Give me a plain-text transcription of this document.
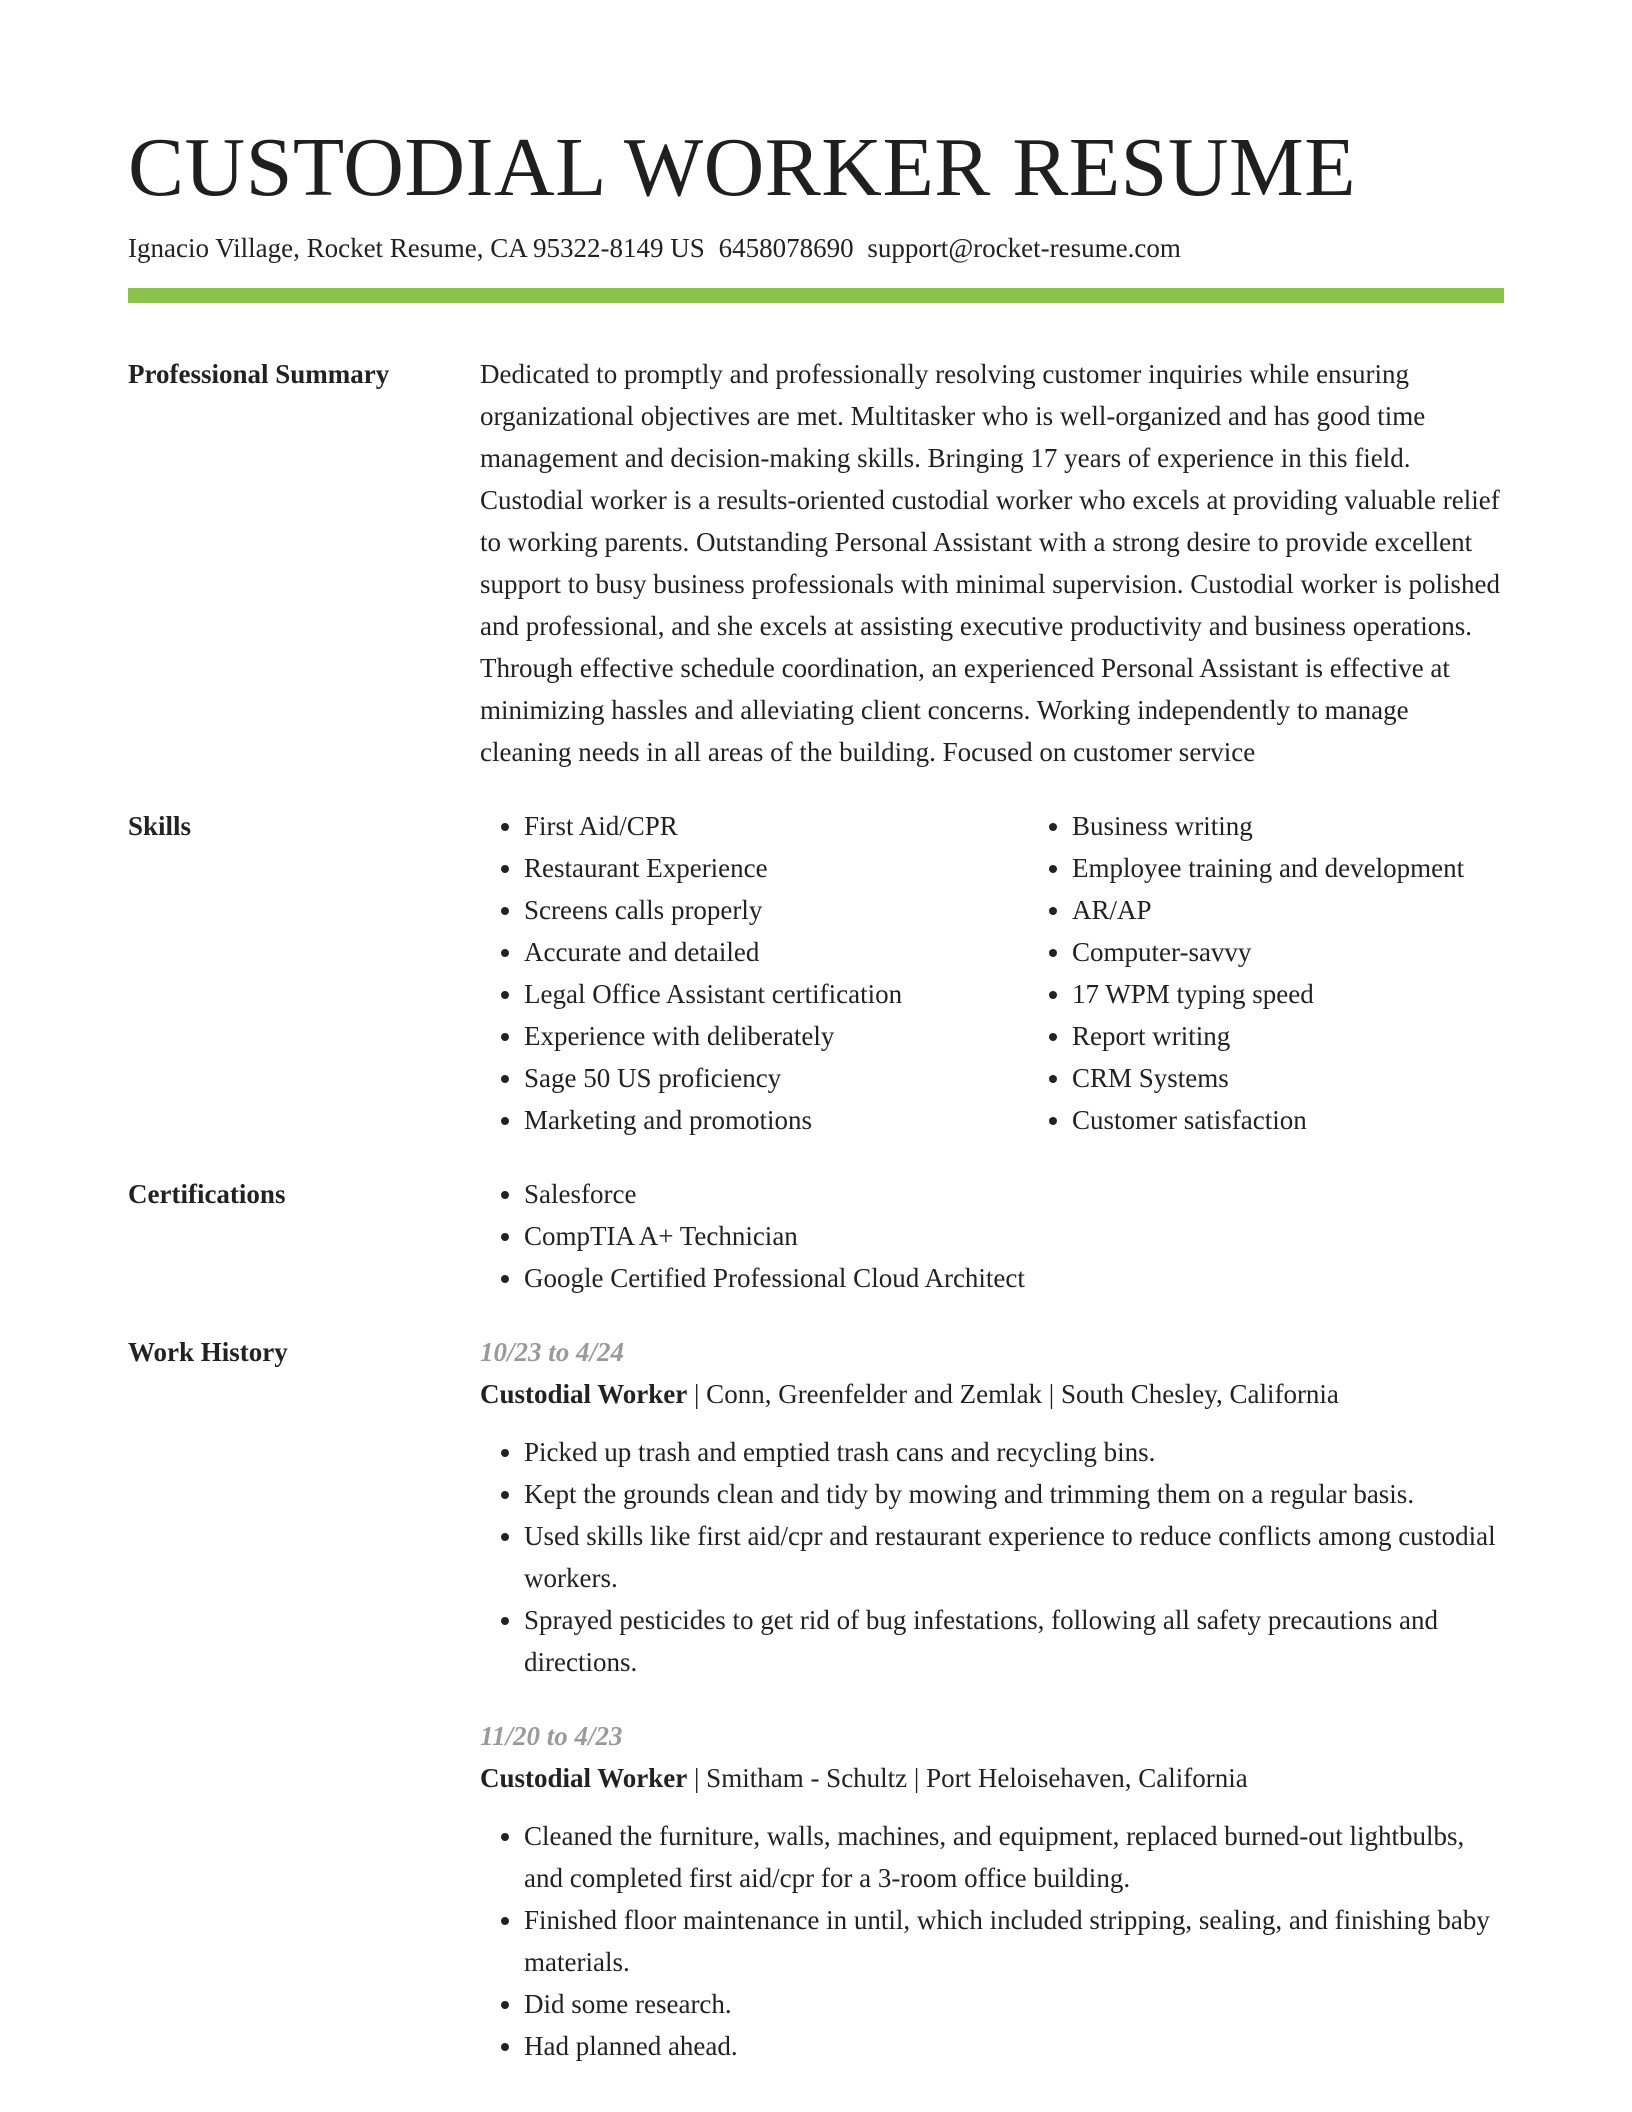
CUSTODIAL WORKER RESUME
Ignacio Village, Rocket Resume, CA 95322-8149 US 6458078690 support@rocket-resume.com
Professional Summary	Dedicated to promptly and professionally resolving customer inquiries while ensuring organizational objectives are met. Multitasker who is well-organized and has good time management and decision-making skills. Bringing 17 years of experience in this field. Custodial worker is a results-oriented custodial worker who excels at providing valuable relief to working parents. Outstanding Personal Assistant with a strong desire to provide excellent support to busy business professionals with minimal supervision. Custodial worker is polished and professional, and she excels at assisting executive productivity and business operations. Through effective schedule coordination, an experienced Personal Assistant is effective at minimizing hassles and alleviating client concerns. Working independently to manage cleaning needs in all areas of the building. Focused on customer service

Skills	• First Aid/CPR
• Restaurant Experience
• Screens calls properly
• Accurate and detailed
• Legal Office Assistant certification
• Experience with deliberately
• Sage 50 US proficiency
• Marketing and promotions
• Business writing
• Employee training and development
• AR/AP
• Computer-savvy
• 17 WPM typing speed
• Report writing
• CRM Systems
• Customer satisfaction
Certifications	• Salesforce
• CompTIA A+ Technician
• Google Certified Professional Cloud Architect
Work History	10/23 to 4/24
Custodial Worker | Conn, Greenfelder and Zemlak | South Chesley, California
• Picked up trash and emptied trash cans and recycling bins.
• Kept the grounds clean and tidy by mowing and trimming them on a regular basis.
• Used skills like first aid/cpr and restaurant experience to reduce conflicts among custodial workers.
• Sprayed pesticides to get rid of bug infestations, following all safety precautions and directions.
11/20 to 4/23
Custodial Worker | Smitham - Schultz | Port Heloisehaven, California
• Cleaned the furniture, walls, machines, and equipment, replaced burned-out lightbulbs, and completed first aid/cpr for a 3-room office building.
• Finished floor maintenance in until, which included stripping, sealing, and finishing baby materials.
• Did some research.
• Had planned ahead.
